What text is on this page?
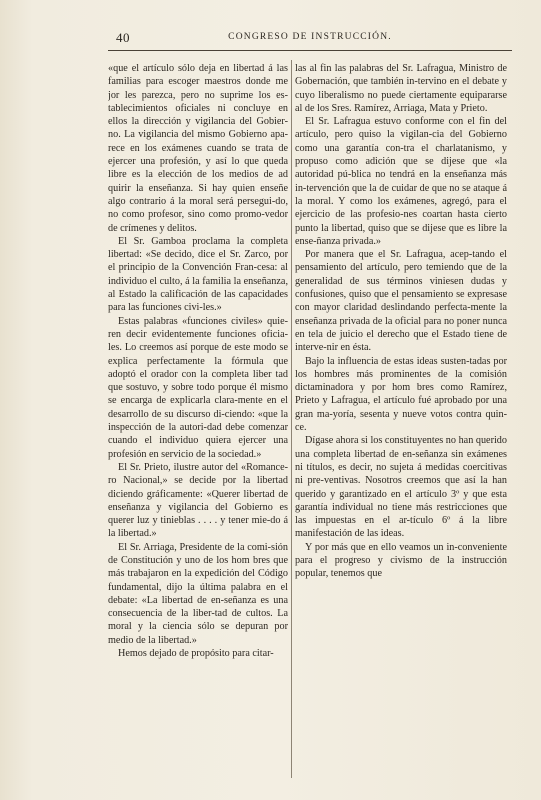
40	CONGRESO DE INSTRUCCIÓN.

«que el artículo sólo deja en libertad á las familias para escoger maestros donde me jor les parezca, pero no suprime los es-tablecimientos oficiales ni concluye en ellos la dirección y vigilancia del Gobier-no. La vigilancia del mismo Gobierno apa-rece en los exámenes cuando se trata de ejercer una profesión, y así lo que queda libre es la elección de los medios de ad quirir la enseñanza. Si hay quien enseñe algo contrario á la moral será persegui-do, no como profesor, sino como promo-vedor de crímenes y delitos.

El Sr. Gamboa proclama la completa libertad: «Se decido, dice el Sr. Zarco, por el principio de la Convención Fran-cesa: al individuo el culto, á la familia la enseñanza, al Estado la calificación de las capacidades para las funciones civi-les.»

Estas palabras «funciones civiles» quie-ren decir evidentemente funciones oficia-les. Lo creemos así porque de este modo se explica perfectamente la fórmula que adoptó el orador con la completa liber tad que sostuvo, y sobre todo porque él mismo se encarga de explicarla clara-mente en el desarrollo de su discurso di-ciendo: «que la inspección de la autori-dad debe comenzar cuando el individuo quiera ejercer una profesión en servicio de la sociedad.»

El Sr. Prieto, ilustre autor del «Romance-ro Nacional,» se decide por la libertad diciendo gráficamente: «Querer libertad de enseñanza y vigilancia del Gobierno es querer luz y tinieblas . . . . y tener mie-do á la libertad.»

El Sr. Arriaga, Presidente de la comi-sión de Constitución y uno de los hom bres que más trabajaron en la expedición del Código fundamental, dijo la última palabra en el debate: «La libertad de en-señanza es una consecuencia de la liber-tad de cultos. La moral y la ciencia sólo se depuran por medio de la libertad.»

Hemos dejado de propósito para citar-

las al fin las palabras del Sr. Lafragua, Ministro de Gobernación, que también in-tervino en el debate y cuyo liberalismo no puede ciertamente equipararse al de los Sres. Ramírez, Arriaga, Mata y Prieto.

El Sr. Lafragua estuvo conforme con el fin del artículo, pero quiso la vigilan-cia del Gobierno como una garantía con-tra el charlatanismo, y propuso como adición que se dijese que «la autoridad pú-blica no tendrá en la enseñanza más in-tervención que la de cuidar de que no se ataque á la moral. Y como los exámenes, agregó, para el ejercicio de las profesio-nes coartan hasta cierto punto la libertad, quiso que se dijese que es libre la ense-ñanza privada.»

Por manera que el Sr. Lafragua, acep-tando el pensamiento del artículo, pero temiendo que de la generalidad de sus términos viniesen dudas y confusiones, quiso que el pensamiento se expresase con mayor claridad deslindando perfecta-mente la enseñanza privada de la oficial para no poner nunca en tela de juicio el derecho que el Estado tiene de interve-nir en ésta.

Bajo la influencia de estas ideas susten-tadas por los hombres más prominentes de la comisión dictaminadora y por hom bres como Ramírez, Prieto y Lafragua, el artículo fué aprobado por una gran ma-yoría, sesenta y nueve votos contra quin-ce.

Dígase ahora si los constituyentes no han querido una completa libertad de en-señanza sin exámenes ni títulos, es decir, no sujeta á medidas coercitivas ni pre-ventivas. Nosotros creemos que así la han querido y garantizado en el artículo 3º y que esta garantía individual no tiene más restricciones que las impuestas en el ar-tículo 6º á la libre manifestación de las ideas.

Y por más que en ello veamos un in-conveniente para el progreso y civismo de la instrucción popular, tenemos que
